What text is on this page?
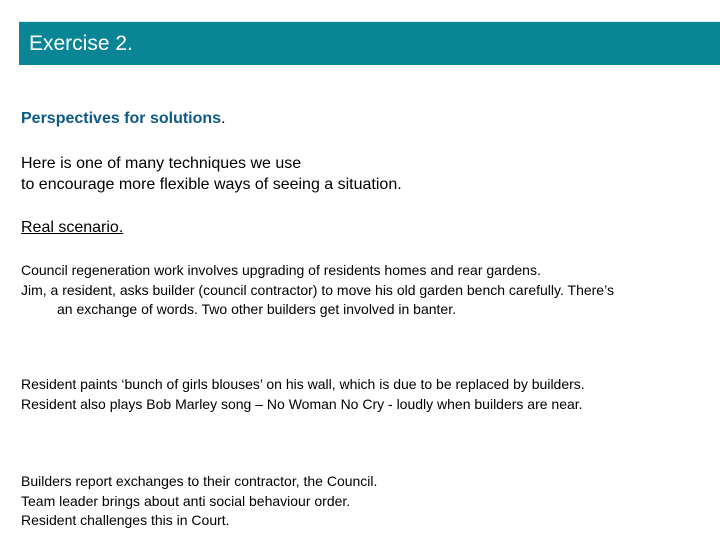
Exercise 2.
Perspectives for solutions.
Here is one of many techniques we use
to encourage more flexible ways of seeing a situation.
Real scenario.

Council regeneration work involves upgrading of residents homes and rear gardens.

Jim, a resident, asks builder (council contractor) to move his old garden bench carefully. There’s an exchange of words. Two other builders get involved in banter.

Resident paints ‘bunch of girls blouses’ on his wall, which is due to be replaced by builders.

Resident also plays Bob Marley song – No Woman No Cry - loudly when builders are near.

Builders report exchanges to their contractor, the Council.

Team leader brings about anti social behaviour order.

Resident challenges this in Court.
